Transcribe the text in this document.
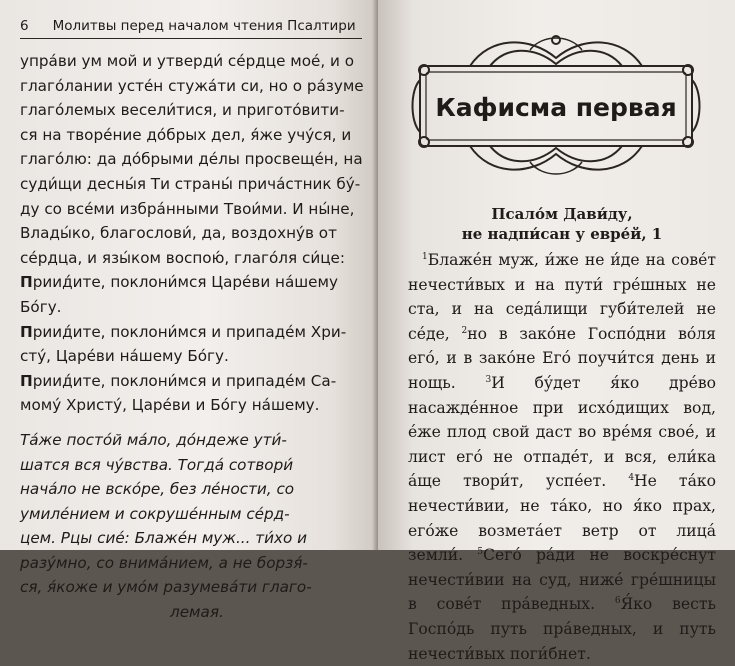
6 Молитвы перед началом чтения Псалтири

упра́ви ум мой и утверди́ се́рдце мое́, и о
глаго́лании усте́н стужа́ти си, но о ра́зуме
глаго́лемых весели́тися, и пригото́вити-
ся на творе́ние до́брых дел, я́же учу́ся, и
глаго́лю: да до́брыми де́лы просвеще́н, на
суди́щи десны́я Ти страны́ прича́стник бу́-
ду со все́ми избра́нными Твои́ми. И ны́не,
Влады́ко, благослови́, да, воздохну́в от
се́рдца, и язы́ком воспою́, глаго́ля си́це:

Приид́ите, поклони́мся Царе́ви на́шему
Бо́гу.

Приид́ите, поклони́мся и припаде́м Хри-
сту́, Царе́ви на́шему Бо́гу.

Приид́ите, поклони́мся и припаде́м Са-
мому́ Христу́, Царе́ви и Бо́гу на́шему.

Та́же посто́й ма́ло, до́ндеже ути́-
шатся вся чу́вства. Тогда́ сотвори́
нача́ло не вско́ре, без ле́ности, со
умиле́нием и сокруше́нным се́рд-
цем. Рцы сие́: Блаже́н муж... ти́хо и
разу́мно, со внима́нием, а не борзя́-
ся, я́коже и умо́м разумева́ти глаго-
лемая.

Кафисма первая
Псало́м Дави́ду,
не надпи́сан у евре́й, 1
$^1$Блаже́н муж, и́же не и́де на сове́т нечести́вых и на пути́ гре́шных не ста, и на седа́лищи губи́телей не се́де, $^2$но в зако́не Госпо́дни во́ля его́, и в зако́не Его́ поучи́тся день и нощь. $^3$И бу́дет я́ко дре́во насажде́нное при исхо́дищих вод, е́же плод свой даст во вре́мя свое́, и лист его́ не отпаде́т, и вся, ели́ка а́ще твори́т, успе́ет. $^4$Не та́ко нечести́вии, не та́ко, но я́ко прах, его́же возмета́ет ветр от лица́ земли́. $^5$Сего́ ра́ди не воскре́снут нечести́вии на суд, ниже́ гре́шницы в сове́т пра́ведных. $^6$Я́ко весть Госпо́дь путь пра́ведных, и путь нечести́вых поги́бнет.
